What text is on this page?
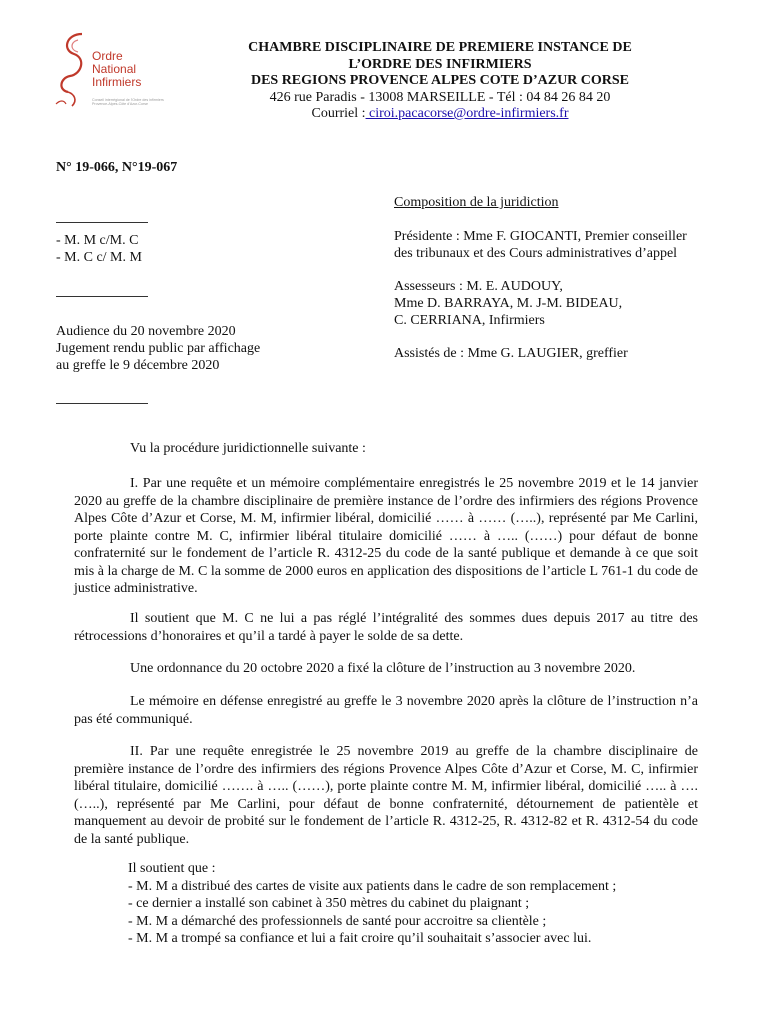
Ordre
National
Infirmiers
Conseil interrégional de l'Ordre des infirmiers Provence-Alpes-Côte d'Azur-Corse
CHAMBRE DISCIPLINAIRE DE PREMIERE INSTANCE DE
L’ORDRE DES INFIRMIERS
DES REGIONS PROVENCE ALPES COTE D’AZUR CORSE
426 rue Paradis - 13008 MARSEILLE - Tél : 04 84 26 84 20
Courriel : ciroi.pacacorse@ordre-infirmiers.fr
N° 19-066, N°19-067
- M. M c/M. C
- M. C c/ M. M
Audience du 20 novembre 2020
Jugement rendu public par affichage
au greffe le 9 décembre 2020
Composition de la juridiction
Présidente : Mme F. GIOCANTI, Premier conseiller
des tribunaux et des Cours administratives d’appel
Assesseurs : M. E. AUDOUY,
Mme D. BARRAYA, M. J-M. BIDEAU,
C. CERRIANA, Infirmiers
Assistés de : Mme G. LAUGIER, greffier

Vu la procédure juridictionnelle suivante :

I. Par une requête et un mémoire complémentaire enregistrés le 25 novembre 2019 et le 14 janvier 2020 au greffe de la chambre disciplinaire de première instance de l’ordre des infirmiers des régions Provence Alpes Côte d’Azur et Corse, M. M, infirmier libéral, domicilié …… à …… (…..), représenté par Me Carlini, porte plainte contre M. C, infirmier libéral titulaire domicilié …… à ….. (……) pour défaut de bonne confraternité sur le fondement de l’article R. 4312-25 du code de la santé publique et demande à ce que soit mis à la charge de M. C la somme de 2000 euros en application des dispositions de l’article L 761-1 du code de justice administrative.

Il soutient que M. C ne lui a pas réglé l’intégralité des sommes dues depuis 2017 au titre des rétrocessions d’honoraires et qu’il a tardé à payer le solde de sa dette.

Une ordonnance du 20 octobre 2020 a fixé la clôture de l’instruction au 3 novembre 2020.

Le mémoire en défense enregistré au greffe le 3 novembre 2020 après la clôture de l’instruction n’a pas été communiqué.

II. Par une requête enregistrée le 25 novembre 2019 au greffe de la chambre disciplinaire de première instance de l’ordre des infirmiers des régions Provence Alpes Côte d’Azur et Corse, M. C, infirmier libéral titulaire, domicilié ……. à ….. (……), porte plainte contre M. M, infirmier libéral, domicilié ….. à …. (…..), représenté par Me Carlini, pour défaut de bonne confraternité, détournement de patientèle et manquement au devoir de probité sur le fondement de l’article R. 4312-25, R. 4312-82 et R. 4312-54 du code de la santé publique.

Il soutient que :
- M. M a distribué des cartes de visite aux patients dans le cadre de son remplacement ;
- ce dernier a installé son cabinet à 350 mètres du cabinet du plaignant ;
- M. M a démarché des professionnels de santé pour accroitre sa clientèle ;
- M. M a trompé sa confiance et lui a fait croire qu’il souhaitait s’associer avec lui.
